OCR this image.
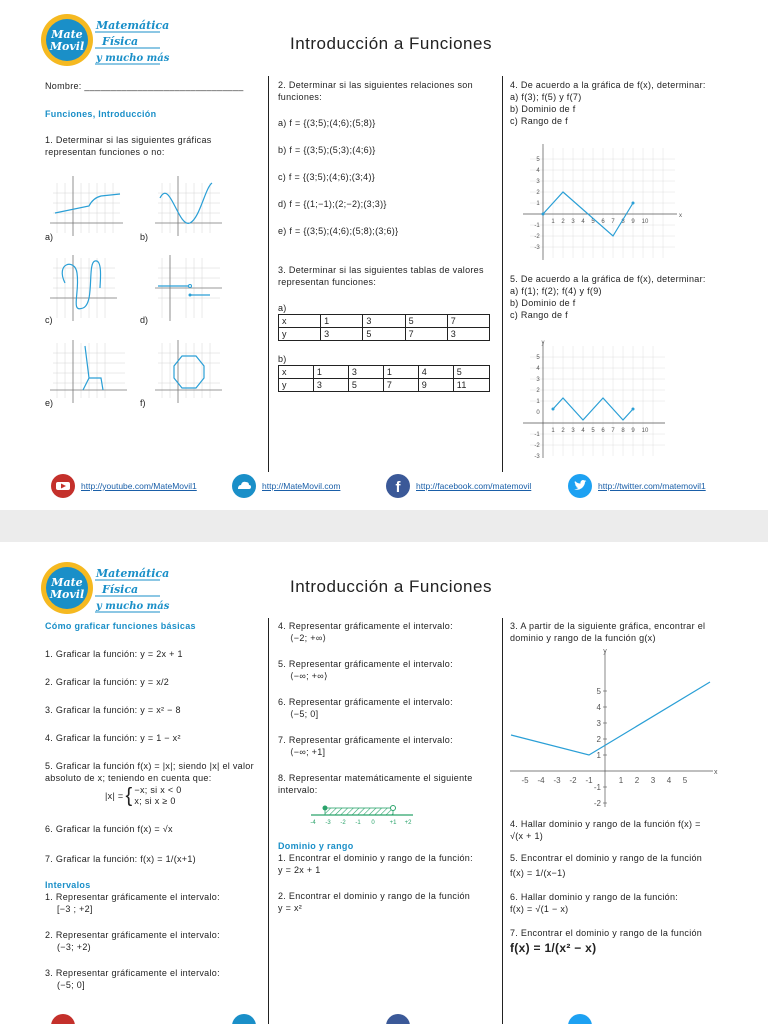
Mate
Movil
Matemática
Física
y mucho más
Introducción a Funciones

Nombre: ______________________________

Funciones, Introducción

1. Determinar si las siguientes gráficas representan funciones o no:

a)	b)
c)	d)
e)	f)

2. Determinar si las siguientes relaciones son funciones:

a) f = {(3;5);(4;6);(5;8)}

b) f = {(3;5);(5;3);(4;6)}

c) f = {(3;5);(4;6);(3;4)}

d) f = {(1;−1);(2;−2);(3;3)}

e) f = {(3;5);(4;6);(5;8);(3;6)}

3. Determinar si las siguientes tablas de valores representan funciones:

a)

x	1	3	5	7
y	3	5	7	3

b)

x	1	3	1	4	5
y	3	5	7	9	11

4. De acuerdo a la gráfica de f(x), determinar:

a) f(3); f(5) y f(7)

b) Dominio de f

c) Rango de f

x
1 2 3 4 5 6 7 8 9 10
5
4
3
2
1
-1
-2
-3

5. De acuerdo a la gráfica de f(x), determinar:

a) f(1); f(2); f(4) y f(9)

b) Dominio de f

c) Rango de f

y
1 2 3 4 5 6 7 8 9 10
5
4
3
2
1
0
-1
-2
-3
http://youtube.com/MateMovil1	http://MateMovil.com	f http://facebook.com/matemovil	http://twitter.com/matemovil1
Mate
Movil
Matemática
Física
y mucho más
Introducción a Funciones

Cómo graficar funciones básicas

1. Graficar la función: y = 2x + 1

2. Graficar la función: y = x/2

3. Graficar la función: y = x² − 8

4. Graficar la función: y = 1 − x²

5. Graficar la función f(x) = |x|; siendo |x| el valor absoluto de x; teniendo en cuenta que:

|x| = { −x; si x < 0
x; si x ≥ 0

6. Graficar la función f(x) = √x

7. Graficar la función: f(x) = 1/(x+1)

Intervalos

1. Representar gráficamente el intervalo:

[−3 ; +2]

2. Representar gráficamente el intervalo:

(−3; +2)

3. Representar gráficamente el intervalo:

(−5; 0]

4. Representar gráficamente el intervalo:

⟨−2; +∞⟩

5. Representar gráficamente el intervalo:

⟨−∞; +∞⟩

6. Representar gráficamente el intervalo:

⟨−5; 0]

7. Representar gráficamente el intervalo:

⟨−∞; +1]

8. Representar matemáticamente el siguiente intervalo:

-4 -3 -2 -1 0 +1 +2

Dominio y rango

1. Encontrar el dominio y rango de la función:

y = 2x + 1

2. Encontrar el dominio y rango de la función

y = x²

3. A partir de la siguiente gráfica, encontrar el dominio y rango de la función g(x)

y
x
-5 -4 -3 -2 -1	1 2 3 4 5
5
4
3
2
1
-1
-2

4. Hallar dominio y rango de la función f(x) =

√(x + 1)

5. Encontrar el dominio y rango de la función

f(x) = 1/(x−1)

6. Hallar dominio y rango de la función:

f(x) = √(1 − x)

7. Encontrar el dominio y rango de la función

f(x) = 1/(x² − x)
